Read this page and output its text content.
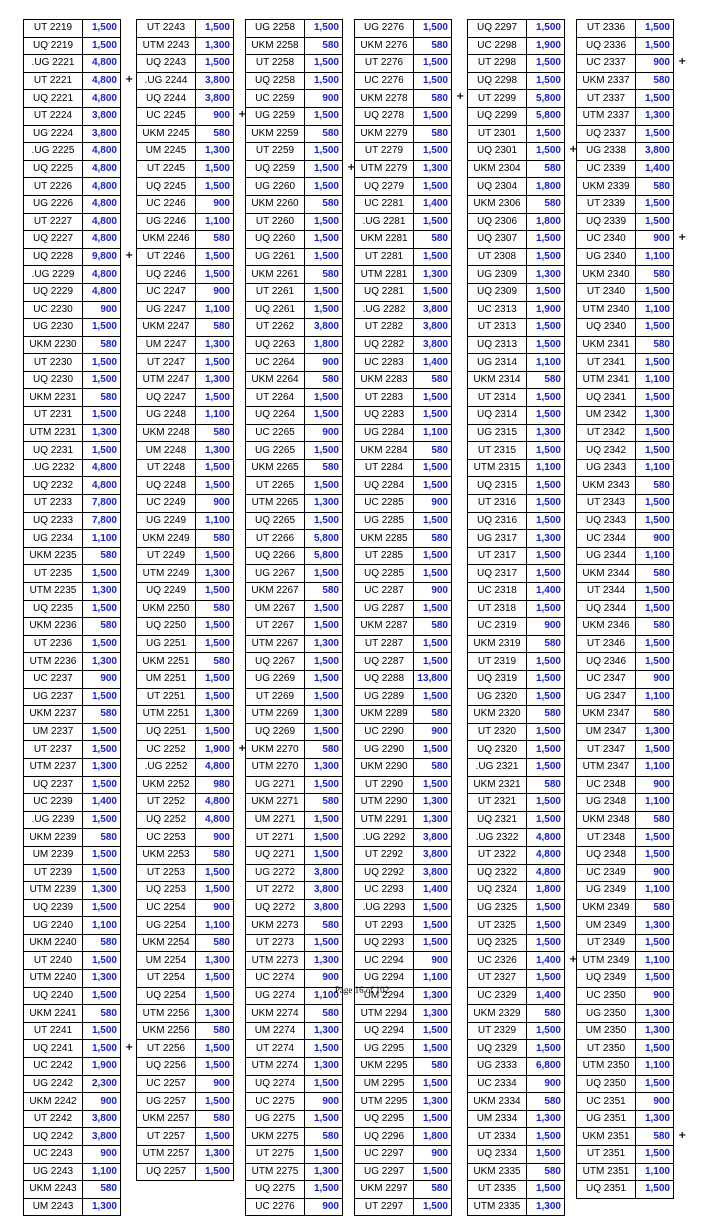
+
+
+
UT 2219	1,500
UQ 2219	1,500
.UG 2221	4,800
UT 2221	4,800
UQ 2221	4,800
UT 2224	3,800
UG 2224	3,800
.UG 2225	4,800
UQ 2225	4,800
UT 2226	4,800
UG 2226	4,800
UT 2227	4,800
UQ 2227	4,800
UQ 2228	9,800
.UG 2229	4,800
UQ 2229	4,800
UC 2230	900
UG 2230	1,500
UKM 2230	580
UT 2230	1,500
UQ 2230	1,500
UKM 2231	580
UT 2231	1,500
UTM 2231	1,300
UQ 2231	1,500
.UG 2232	4,800
UQ 2232	4,800
UT 2233	7,800
UQ 2233	7,800
UG 2234	1,100
UKM 2235	580
UT 2235	1,500
UTM 2235	1,300
UQ 2235	1,500
UKM 2236	580
UT 2236	1,500
UTM 2236	1,300
UC 2237	900
UG 2237	1,500
UKM 2237	580
UM 2237	1,500
UT 2237	1,500
UTM 2237	1,300
UQ 2237	1,500
UC 2239	1,400
.UG 2239	1,500
UKM 2239	580
UM 2239	1,500
UT 2239	1,500
UTM 2239	1,300
UQ 2239	1,500
UG 2240	1,100
UKM 2240	580
UT 2240	1,500
UTM 2240	1,300
UQ 2240	1,500
UKM 2241	580
UT 2241	1,500
UQ 2241	1,500
UC 2242	1,900
UG 2242	2,300
UKM 2242	900
UT 2242	3,800
UQ 2242	3,800
UC 2243	900
UG 2243	1,100
UKM 2243	580
UM 2243	1,300
+
+
UT 2243	1,500
UTM 2243	1,300
UQ 2243	1,500
.UG 2244	3,800
UQ 2244	3,800
UC 2245	900
UKM 2245	580
UM 2245	1,300
UT 2245	1,500
UQ 2245	1,500
UC 2246	900
UG 2246	1,100
UKM 2246	580
UT 2246	1,500
UQ 2246	1,500
UC 2247	900
UG 2247	1,100
UKM 2247	580
UM 2247	1,300
UT 2247	1,500
UTM 2247	1,300
UQ 2247	1,500
UG 2248	1,100
UKM 2248	580
UM 2248	1,300
UT 2248	1,500
UQ 2248	1,500
UC 2249	900
UG 2249	1,100
UKM 2249	580
UT 2249	1,500
UTM 2249	1,300
UQ 2249	1,500
UKM 2250	580
UQ 2250	1,500
UG 2251	1,500
UKM 2251	580
UM 2251	1,500
UT 2251	1,500
UTM 2251	1,300
UQ 2251	1,500
UC 2252	1,900
.UG 2252	4,800
UKM 2252	980
UT 2252	4,800
UQ 2252	4,800
UC 2253	900
UKM 2253	580
UT 2253	1,500
UQ 2253	1,500
UC 2254	900
UG 2254	1,100
UKM 2254	580
UM 2254	1,300
UT 2254	1,500
UQ 2254	1,500
UTM 2256	1,300
UKM 2256	580
UT 2256	1,500
UQ 2256	1,500
UC 2257	900
UG 2257	1,500
UKM 2257	580
UT 2257	1,500
UTM 2257	1,300
UQ 2257	1,500
+
UG 2258	1,500
UKM 2258	580
UT 2258	1,500
UQ 2258	1,500
UC 2259	900
UG 2259	1,500
UKM 2259	580
UT 2259	1,500
UQ 2259	1,500
UG 2260	1,500
UKM 2260	580
UT 2260	1,500
UQ 2260	1,500
UG 2261	1,500
UKM 2261	580
UT 2261	1,500
UQ 2261	1,500
UT 2262	3,800
UQ 2263	1,800
UC 2264	900
UKM 2264	580
UT 2264	1,500
UQ 2264	1,500
UC 2265	900
UG 2265	1,500
UKM 2265	580
UT 2265	1,500
UTM 2265	1,300
UQ 2265	1,500
UT 2266	5,800
UQ 2266	5,800
UG 2267	1,500
UKM 2267	580
UM 2267	1,500
UT 2267	1,500
UTM 2267	1,300
UQ 2267	1,500
UG 2269	1,500
UT 2269	1,500
UTM 2269	1,300
UQ 2269	1,500
UKM 2270	580
UTM 2270	1,300
UG 2271	1,500
UKM 2271	580
UM 2271	1,500
UT 2271	1,500
UQ 2271	1,500
UG 2272	3,800
UT 2272	3,800
UQ 2272	3,800
UKM 2273	580
UT 2273	1,500
UTM 2273	1,300
UC 2274	900
UG 2274	1,100
UKM 2274	580
UM 2274	1,300
UT 2274	1,500
UTM 2274	1,300
UQ 2274	1,500
UC 2275	900
UG 2275	1,500
UKM 2275	580
UT 2275	1,500
UTM 2275	1,300
UQ 2275	1,500
UC 2276	900
+
UG 2276	1,500
UKM 2276	580
UT 2276	1,500
UC 2276	1,500
UKM 2278	580
UQ 2278	1,500
UKM 2279	580
UT 2279	1,500
UTM 2279	1,300
UQ 2279	1,500
UC 2281	1,400
.UG 2281	1,500
UKM 2281	580
UT 2281	1,500
UTM 2281	1,300
UQ 2281	1,500
.UG 2282	3,800
UT 2282	3,800
UQ 2282	3,800
UC 2283	1,400
UKM 2283	580
UT 2283	1,500
UQ 2283	1,500
UG 2284	1,100
UKM 2284	580
UT 2284	1,500
UQ 2284	1,500
UC 2285	900
UG 2285	1,500
UKM 2285	580
UT 2285	1,500
UQ 2285	1,500
UC 2287	900
UG 2287	1,500
UKM 2287	580
UT 2287	1,500
UQ 2287	1,500
UQ 2288	13,800
UG 2289	1,500
UKM 2289	580
UC 2290	900
UG 2290	1,500
UKM 2290	580
UT 2290	1,500
UTM 2290	1,300
UTM 2291	1,300
.UG 2292	3,800
UT 2292	3,800
UQ 2292	3,800
UC 2293	1,400
.UG 2293	1,500
UT 2293	1,500
UQ 2293	1,500
UC 2294	900
UG 2294	1,100
UM 2294	1,300
UTM 2294	1,300
UQ 2294	1,500
UG 2295	1,500
UKM 2295	580
UM 2295	1,500
UTM 2295	1,300
UQ 2295	1,500
UQ 2296	1,800
UC 2297	900
UG 2297	1,500
UKM 2297	580
UT 2297	1,500
+
+
UQ 2297	1,500
UC 2298	1,900
UT 2298	1,500
UQ 2298	1,500
UT 2299	5,800
UQ 2299	5,800
UT 2301	1,500
UQ 2301	1,500
UKM 2304	580
UQ 2304	1,800
UKM 2306	580
UQ 2306	1,800
UQ 2307	1,500
UT 2308	1,500
UG 2309	1,300
UQ 2309	1,500
UC 2313	1,900
UT 2313	1,500
UQ 2313	1,500
UG 2314	1,100
UKM 2314	580
UT 2314	1,500
UQ 2314	1,500
UG 2315	1,300
UT 2315	1,500
UTM 2315	1,100
UQ 2315	1,500
UT 2316	1,500
UQ 2316	1,500
UG 2317	1,300
UT 2317	1,500
UQ 2317	1,500
UC 2318	1,400
UT 2318	1,500
UC 2319	900
UKM 2319	580
UT 2319	1,500
UQ 2319	1,500
UG 2320	1,500
UKM 2320	580
UT 2320	1,500
UQ 2320	1,500
.UG 2321	1,500
UKM 2321	580
UT 2321	1,500
UQ 2321	1,500
.UG 2322	4,800
UT 2322	4,800
UQ 2322	4,800
UQ 2324	1,800
UG 2325	1,500
UT 2325	1,500
UQ 2325	1,500
UC 2326	1,400
UT 2327	1,500
UC 2329	1,400
UKM 2329	580
UT 2329	1,500
UQ 2329	1,500
UG 2333	6,800
UC 2334	900
UKM 2334	580
UM 2334	1,300
UT 2334	1,500
UQ 2334	1,500
UKM 2335	580
UT 2335	1,500
UTM 2335	1,300
+
+
+
UT 2336	1,500
UQ 2336	1,500
UC 2337	900
UKM 2337	580
UT 2337	1,500
UTM 2337	1,300
UQ 2337	1,500
UG 2338	3,800
UC 2339	1,400
UKM 2339	580
UT 2339	1,500
UQ 2339	1,500
UC 2340	900
UG 2340	1,100
UKM 2340	580
UT 2340	1,500
UTM 2340	1,100
UQ 2340	1,500
UKM 2341	580
UT 2341	1,500
UTM 2341	1,100
UQ 2341	1,500
UM 2342	1,300
UT 2342	1,500
UQ 2342	1,500
UG 2343	1,100
UKM 2343	580
UT 2343	1,500
UQ 2343	1,500
UC 2344	900
UG 2344	1,100
UKM 2344	580
UT 2344	1,500
UQ 2344	1,500
UKM 2346	580
UT 2346	1,500
UQ 2346	1,500
UC 2347	900
UG 2347	1,100
UKM 2347	580
UM 2347	1,300
UT 2347	1,500
UTM 2347	1,100
UC 2348	900
UG 2348	1,100
UKM 2348	580
UT 2348	1,500
UQ 2348	1,500
UC 2349	900
UG 2349	1,100
UKM 2349	580
UM 2349	1,300
UT 2349	1,500
UTM 2349	1,100
UQ 2349	1,500
UC 2350	900
UG 2350	1,300
UM 2350	1,300
UT 2350	1,500
UTM 2350	1,100
UQ 2350	1,500
UC 2351	900
UG 2351	1,300
UKM 2351	580
UT 2351	1,500
UTM 2351	1,100
UQ 2351	1,500
Page 16 of 102
